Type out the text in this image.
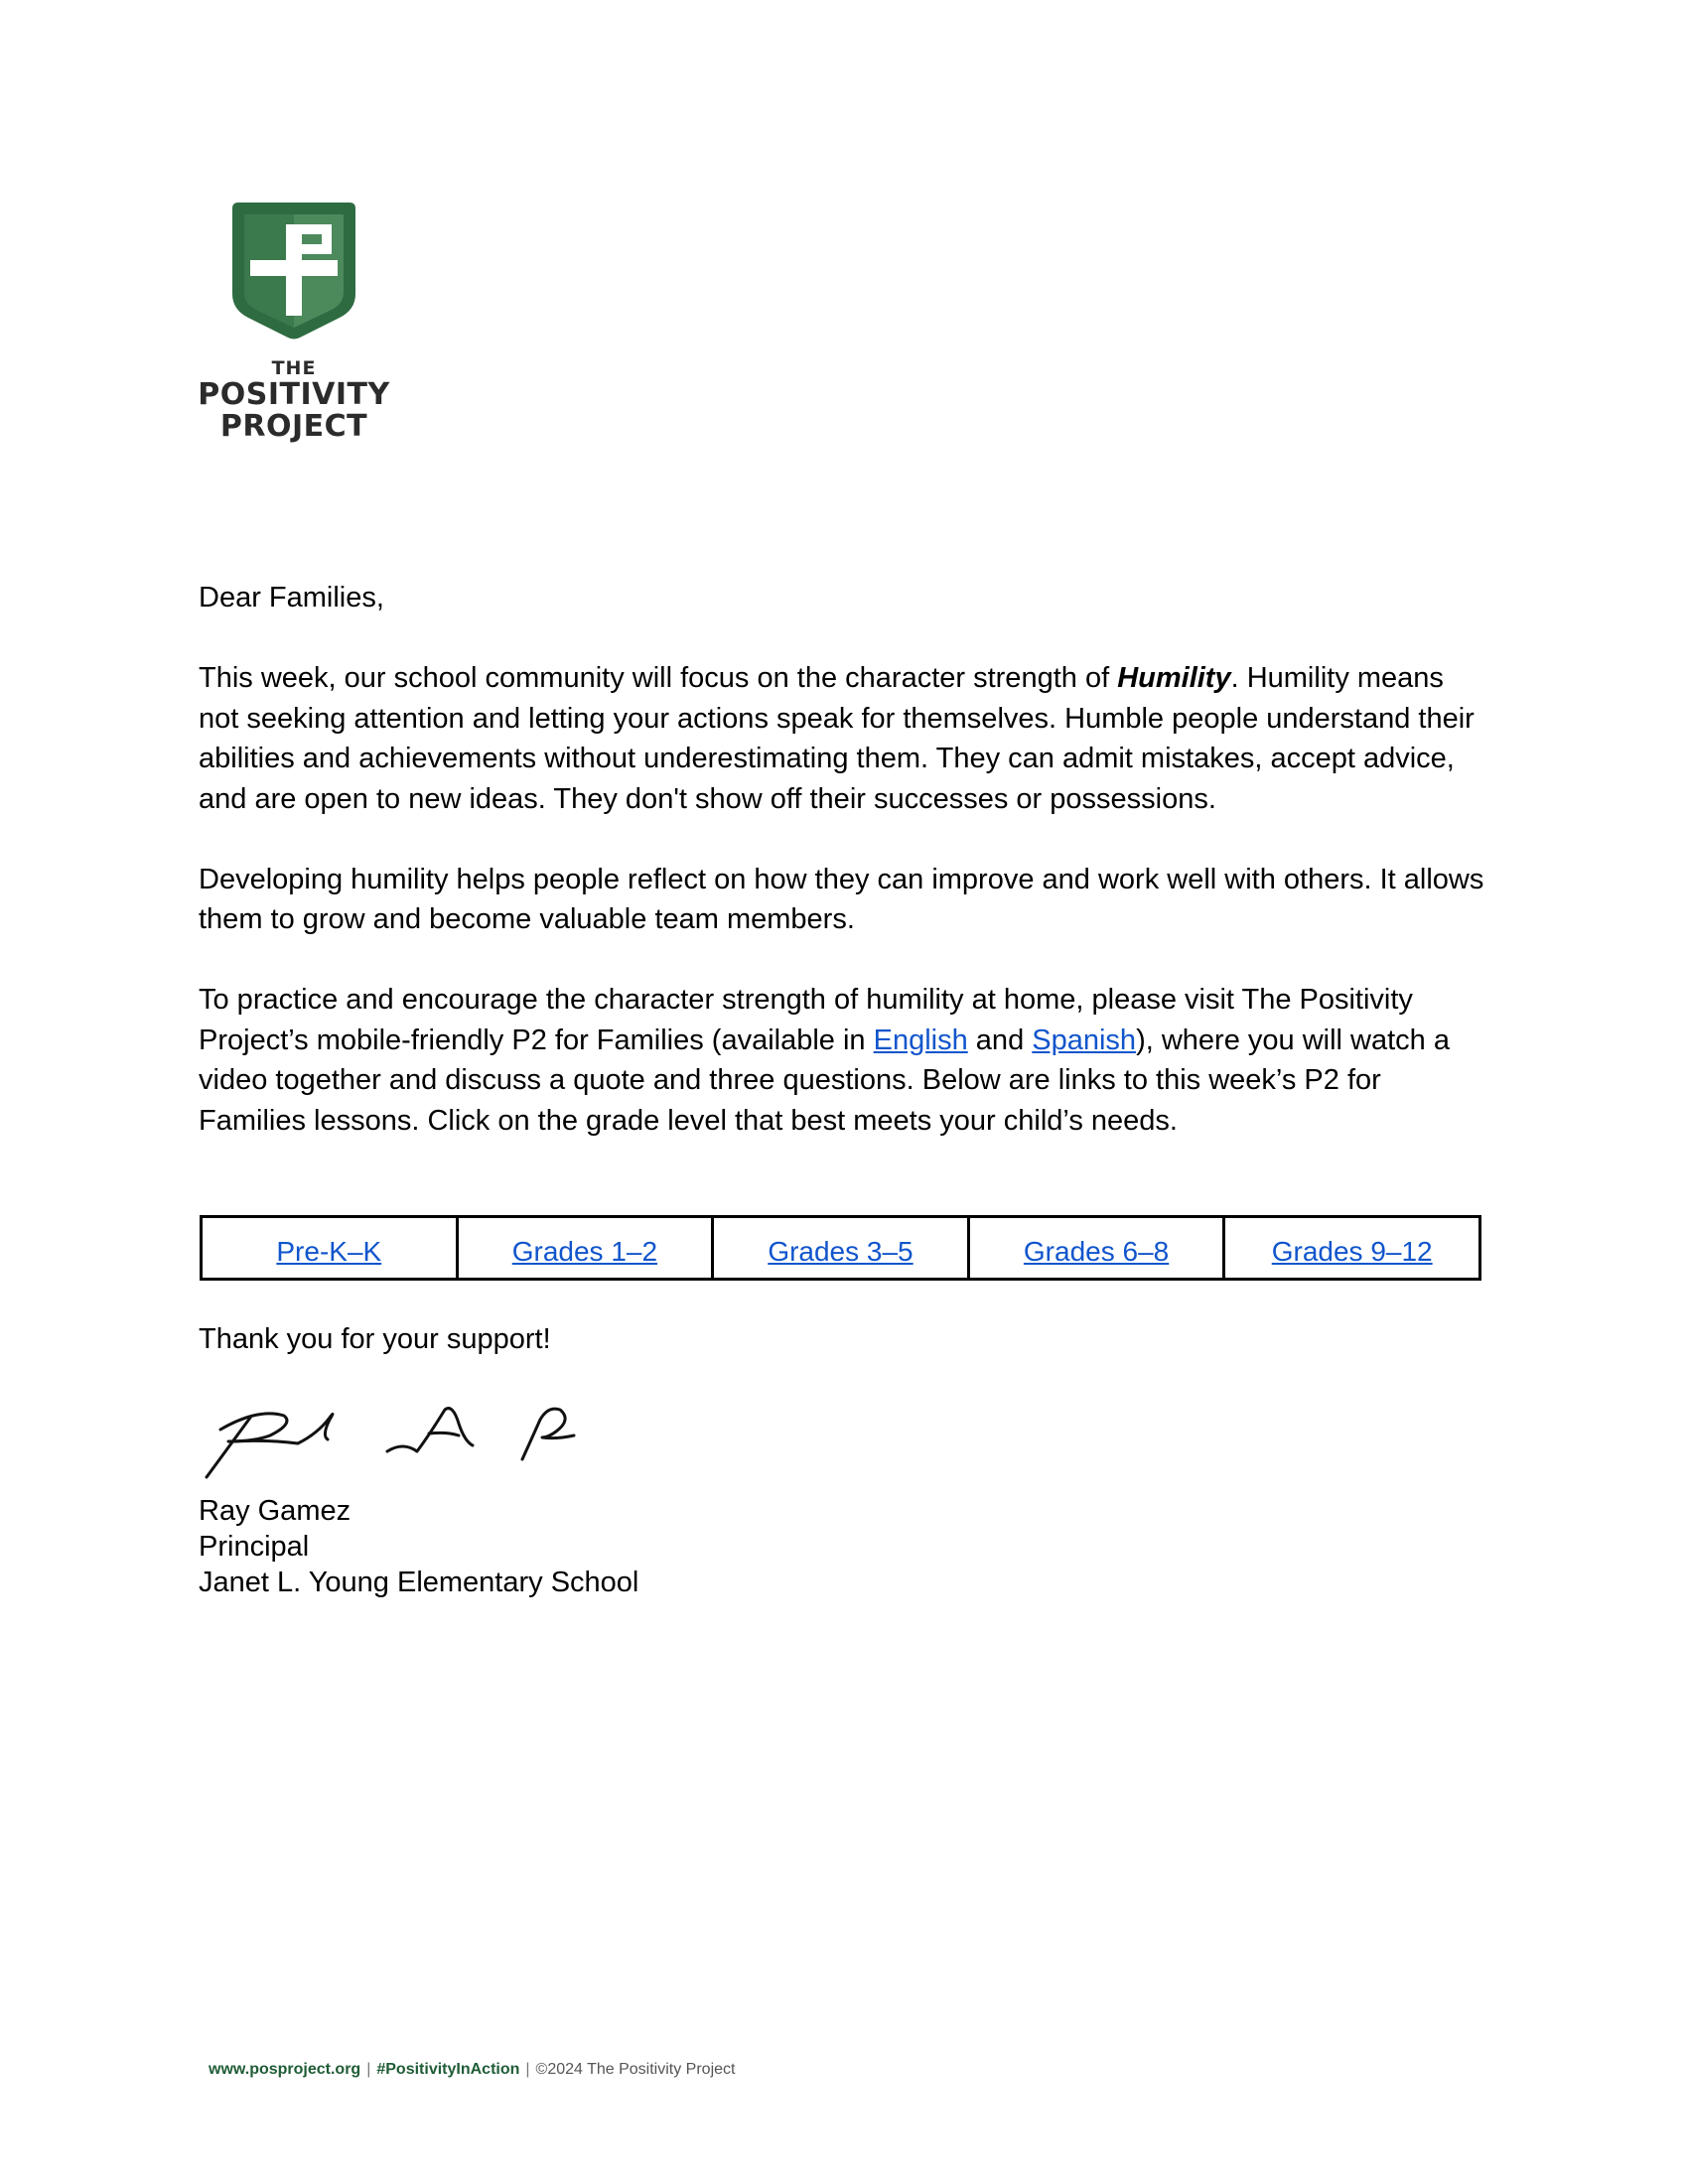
THE
POSITIVITY
PROJECT

Dear Families,

This week, our school community will focus on the character strength of Humility. Humility means not seeking attention and letting your actions speak for themselves. Humble people understand their abilities and achievements without underestimating them. They can admit mistakes, accept advice, and are open to new ideas. They don't show off their successes or possessions.

Developing humility helps people reflect on how they can improve and work well with others. It allows them to grow and become valuable team members.

To practice and encourage the character strength of humility at home, please visit The Positivity Project’s mobile-friendly P2 for Families (available in English and Spanish), where you will watch a video together and discuss a quote and three questions. Below are links to this week’s P2 for Families lessons. Click on the grade level that best meets your child’s needs.

Pre-K–K	Grades 1–2	Grades 3–5	Grades 6–8	Grades 9–12
Thank you for your support!
Ray Gamez
Principal
Janet L. Young Elementary School
www.posproject.org | #PositivityInAction | ©2024 The Positivity Project
